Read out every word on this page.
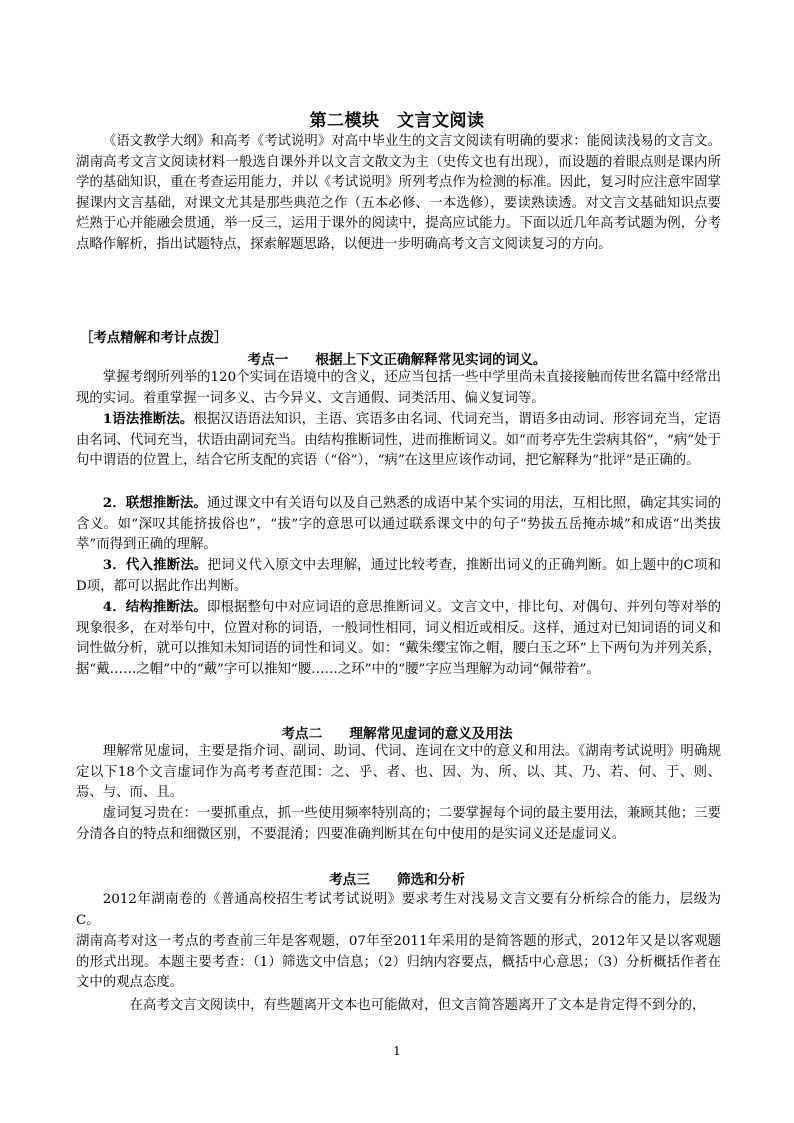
第二模块　文言文阅读
《语文教学大纲》和高考《考试说明》对高中毕业生的文言文阅读有明确的要求：能阅读浅易的文言文。湖南高考文言文阅读材料一般选自课外并以文言文散文为主（史传文也有出现），而设题的着眼点则是课内所学的基础知识，重在考查运用能力，并以《考试说明》所列考点作为检测的标准。因此，复习时应注意牢固掌握课内文言基础，对课文尤其是那些典范之作（五本必修、一本选修），要读熟读透。对文言文基础知识点要烂熟于心并能融会贯通，举一反三，运用于课外的阅读中，提高应试能力。下面以近几年高考试题为例，分考点略作解析，指出试题特点，探索解题思路，以便进一步明确高考文言文阅读复习的方向。
［考点精解和考计点拨］
考点一　　根据上下文正确解释常见实词的词义。
掌握考纲所列举的120个实词在语境中的含义，还应当包括一些中学里尚未直接接触而传世名篇中经常出现的实词。着重掌握一词多义、古今异义、文言通假、词类活用、偏义复词等。
1语法推断法。根据汉语语法知识，主语、宾语多由名词、代词充当，谓语多由动词、形容词充当，定语由名词、代词充当，状语由副词充当。由结构推断词性，进而推断词义。如“而考亭先生尝病其俗”，“病”处于句中谓语的位置上，结合它所支配的宾语（“俗”），“病”在这里应该作动词，把它解释为“批评”是正确的。
2．联想推断法。通过课文中有关语句以及自己熟悉的成语中某个实词的用法，互相比照，确定其实词的含义。如“深叹其能挤拔俗也”，“拔”字的意思可以通过联系课文中的句子“势拔五岳掩赤城”和成语“出类拔萃”而得到正确的理解。
3．代入推断法。把词义代入原文中去理解，通过比较考查，推断出词义的正确判断。如上题中的C项和D项，都可以据此作出判断。
4．结构推断法。即根据整句中对应词语的意思推断词义。文言文中，排比句、对偶句、并列句等对举的现象很多，在对举句中，位置对称的词语，一般词性相同，词义相近或相反。这样，通过对已知词语的词义和词性做分析，就可以推知未知词语的词性和词义。如：“戴朱缨宝饰之帽，腰白玉之环”上下两句为并列关系，据“戴……之帽”中的“戴”字可以推知“腰……之环”中的“腰”字应当理解为动词“佩带着”。
考点二　　理解常见虚词的意义及用法
理解常见虚词，主要是指介词、副词、助词、代词、连词在文中的意义和用法。《湖南考试说明》明确规定以下18个文言虚词作为高考考查范围：之、乎、者、也、因、为、所、以、其、乃、若、何、于、则、焉、与、而、且。
虚词复习贵在：一要抓重点，抓一些使用频率特别高的；二要掌握每个词的最主要用法，兼顾其他；三要分清各自的特点和细微区别，不要混淆；四要准确判断其在句中使用的是实词义还是虚词义。
考点三　　筛选和分析
2012年湖南卷的《普通高校招生考试考试说明》要求考生对浅易文言文要有分析综合的能力，层级为C。
湖南高考对这一考点的考查前三年是客观题，07年至2011年采用的是简答题的形式，2012年又是以客观题的形式出现。本题主要考查：（1）筛选文中信息；（2）归纳内容要点，概括中心意思；（3）分析概括作者在文中的观点态度。
在高考文言文阅读中，有些题离开文本也可能做对，但文言简答题离开了文本是肯定得不到分的，
1
